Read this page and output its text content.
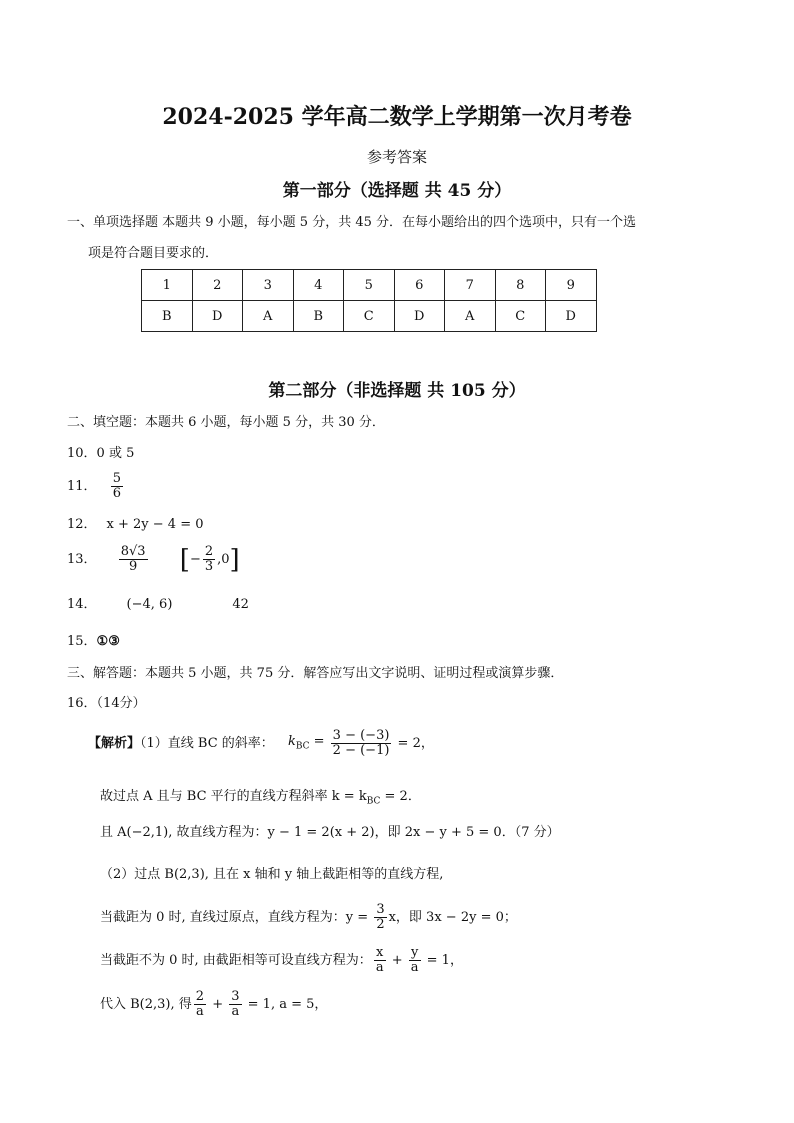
2024-2025 学年高二数学上学期第一次月考卷
参考答案
第一部分（选择题 共 45 分）
一、单项选择题 本题共 9 小题，每小题 5 分，共 45 分．在每小题给出的四个选项中，只有一个选
项是符合题目要求的．
1	2	3	4	5	6	7	8	9
B	D	A	B	C	D	A	C	D
第二部分（非选择题 共 105 分）
二、填空题：本题共 6 小题，每小题 5 分，共 30 分．
10．0 或 5
11． $\frac{5}{6}$
12． x + 2y − 4 = 0
13． $\frac{8√3}{9}$ [− $\frac{2}{3} ,0$]
14． (−4, 6)	42
15．①③
三、解答题：本题共 5 小题，共 75 分．解答应写出文字说明、证明过程或演算步骤．
16．（14分）
【解析】（1）直线 BC 的斜率： $k_{BC} = \frac{3 - (-3)}{2 - (-1)} = 2$，
故过点 A 且与 BC 平行的直线方程斜率 $k = k_{BC} = 2$．
且 A(−2,1), 故直线方程为：y − 1 = 2(x + 2)，即 2x − y + 5 = 0．（7 分）
（2）过点 B(2,3), 且在 x 轴和 y 轴上截距相等的直线方程,
当截距为 0 时, 直线过原点，直线方程为：$y = \frac{3}{2}$ x，即 3x − 2y = 0；
当截距不为 0 时, 由截距相等可设直线方程为： $\frac{x}{a} + \frac{y}{a} = 1$，
代入 B(2,3), 得 $\frac{2}{a} + \frac{3}{a} = 1$, a = 5，
